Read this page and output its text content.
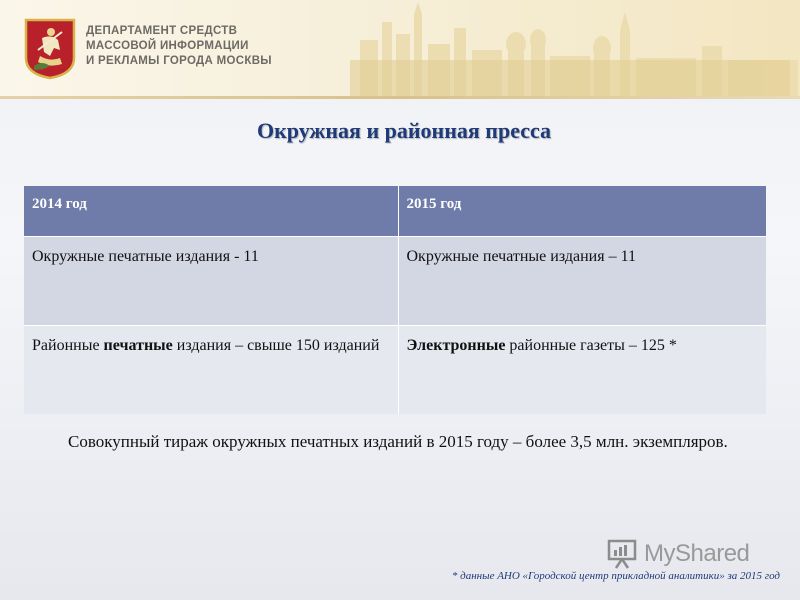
ДЕПАРТАМЕНТ СРЕДСТВ
МАССОВОЙ ИНФОРМАЦИИ
И РЕКЛАМЫ ГОРОДА МОСКВЫ
Окружная и районная пресса
2014 год	2015 год
Окружные печатные издания - 11	Окружные печатные издания – 11
Районные печатные издания – свыше 150 изданий	Электронные районные газеты – 125 *
Совокупный тираж окружных печатных изданий в 2015 году – более 3,5 млн. экземпляров.
MyShared
* данные АНО «Городской центр прикладной аналитики» за 2015 год
